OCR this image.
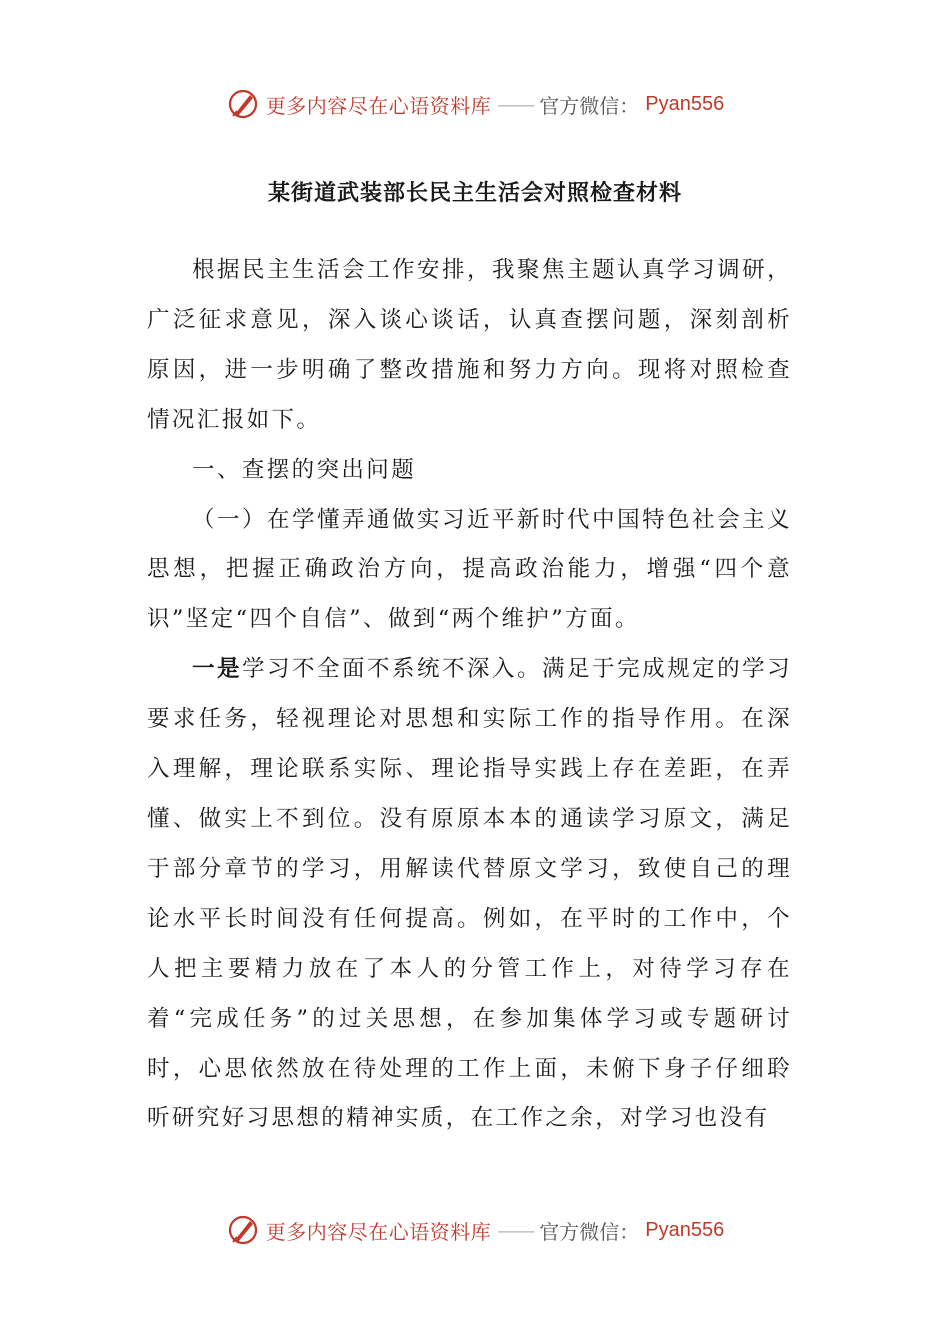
更多内容尽在心语资料库 —— 官方微信： Pyan556
某街道武装部长民主生活会对照检查材料

根据民主生活会工作安排，我聚焦主题认真学习调研，广泛征求意见，深入谈心谈话，认真查摆问题，深刻剖析原因，进一步明确了整改措施和努力方向。现将对照检查情况汇报如下。

一、查摆的突出问题

（一）在学懂弄通做实习近平新时代中国特色社会主义思想，把握正确政治方向，提高政治能力，增强“四个意识”坚定“四个自信”、做到“两个维护”方面。

一是学习不全面不系统不深入。满足于完成规定的学习要求任务，轻视理论对思想和实际工作的指导作用。在深入理解，理论联系实际、理论指导实践上存在差距，在弄懂、做实上不到位。没有原原本本的通读学习原文，满足于部分章节的学习，用解读代替原文学习，致使自己的理论水平长时间没有任何提高。例如，在平时的工作中，个人把主要精力放在了本人的分管工作上，对待学习存在着“完成任务”的过关思想，在参加集体学习或专题研讨时，心思依然放在待处理的工作上面，未俯下身子仔细聆听研究好习思想的精神实质，在工作之余，对学习也没有

更多内容尽在心语资料库 —— 官方微信： Pyan556
